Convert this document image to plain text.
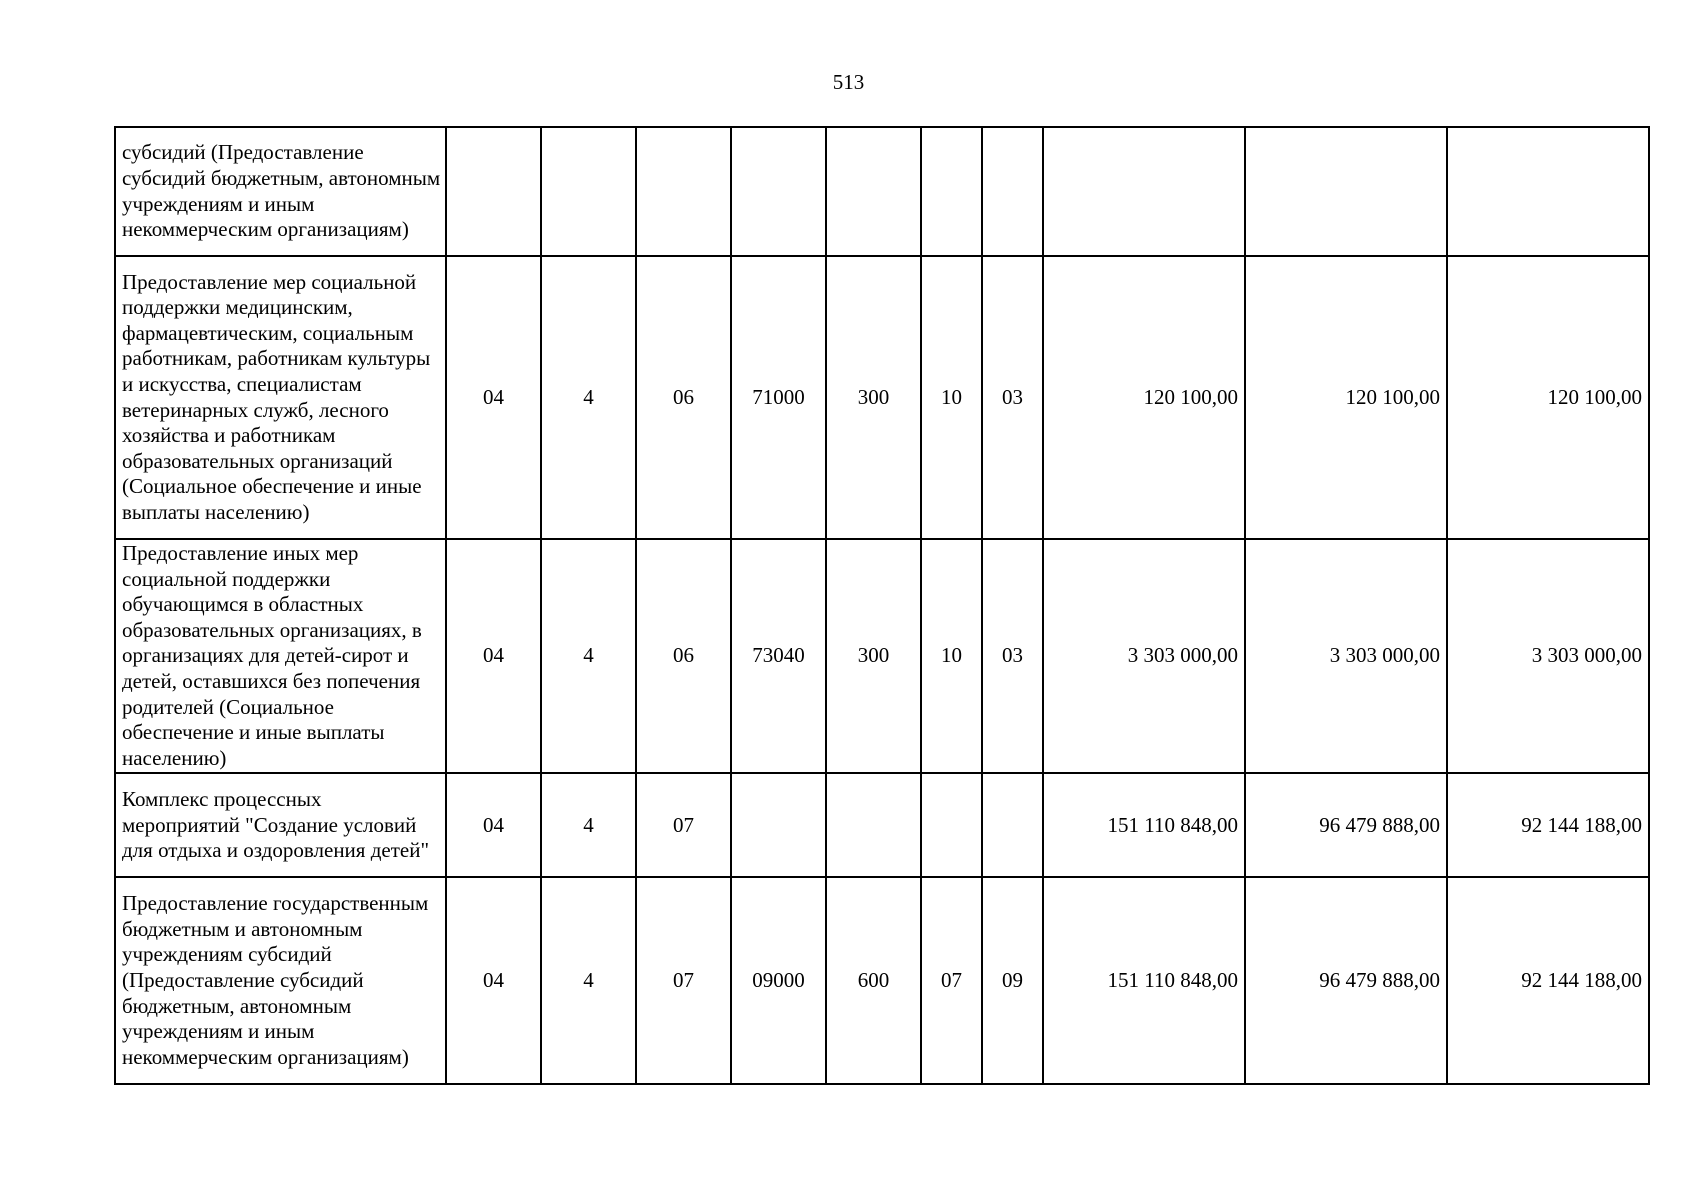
513
субсидий (Предоставление субсидий бюджетным, автономным учреждениям и иным некоммерческим организациям)										
Предоставление мер социальной поддержки медицинским, фармацевтическим, социальным работникам, работникам культуры и искусства, специалистам ветеринарных служб, лесного хозяйства и работникам образовательных организаций (Социальное обеспечение и иные выплаты населению)	04	4	06	71000	300	10	03	120 100,00	120 100,00	120 100,00
Предоставление иных мер социальной поддержки обучающимся в областных образовательных организациях, в организациях для детей-сирот и детей, оставшихся без попечения родителей (Социальное обеспечение и иные выплаты населению)	04	4	06	73040	300	10	03	3 303 000,00	3 303 000,00	3 303 000,00
Комплекс процессных мероприятий "Создание условий для отдыха и оздоровления детей"	04	4	07					151 110 848,00	96 479 888,00	92 144 188,00
Предоставление государственным бюджетным и автономным учреждениям субсидий (Предоставление субсидий бюджетным, автономным учреждениям и иным некоммерческим организациям)	04	4	07	09000	600	07	09	151 110 848,00	96 479 888,00	92 144 188,00
